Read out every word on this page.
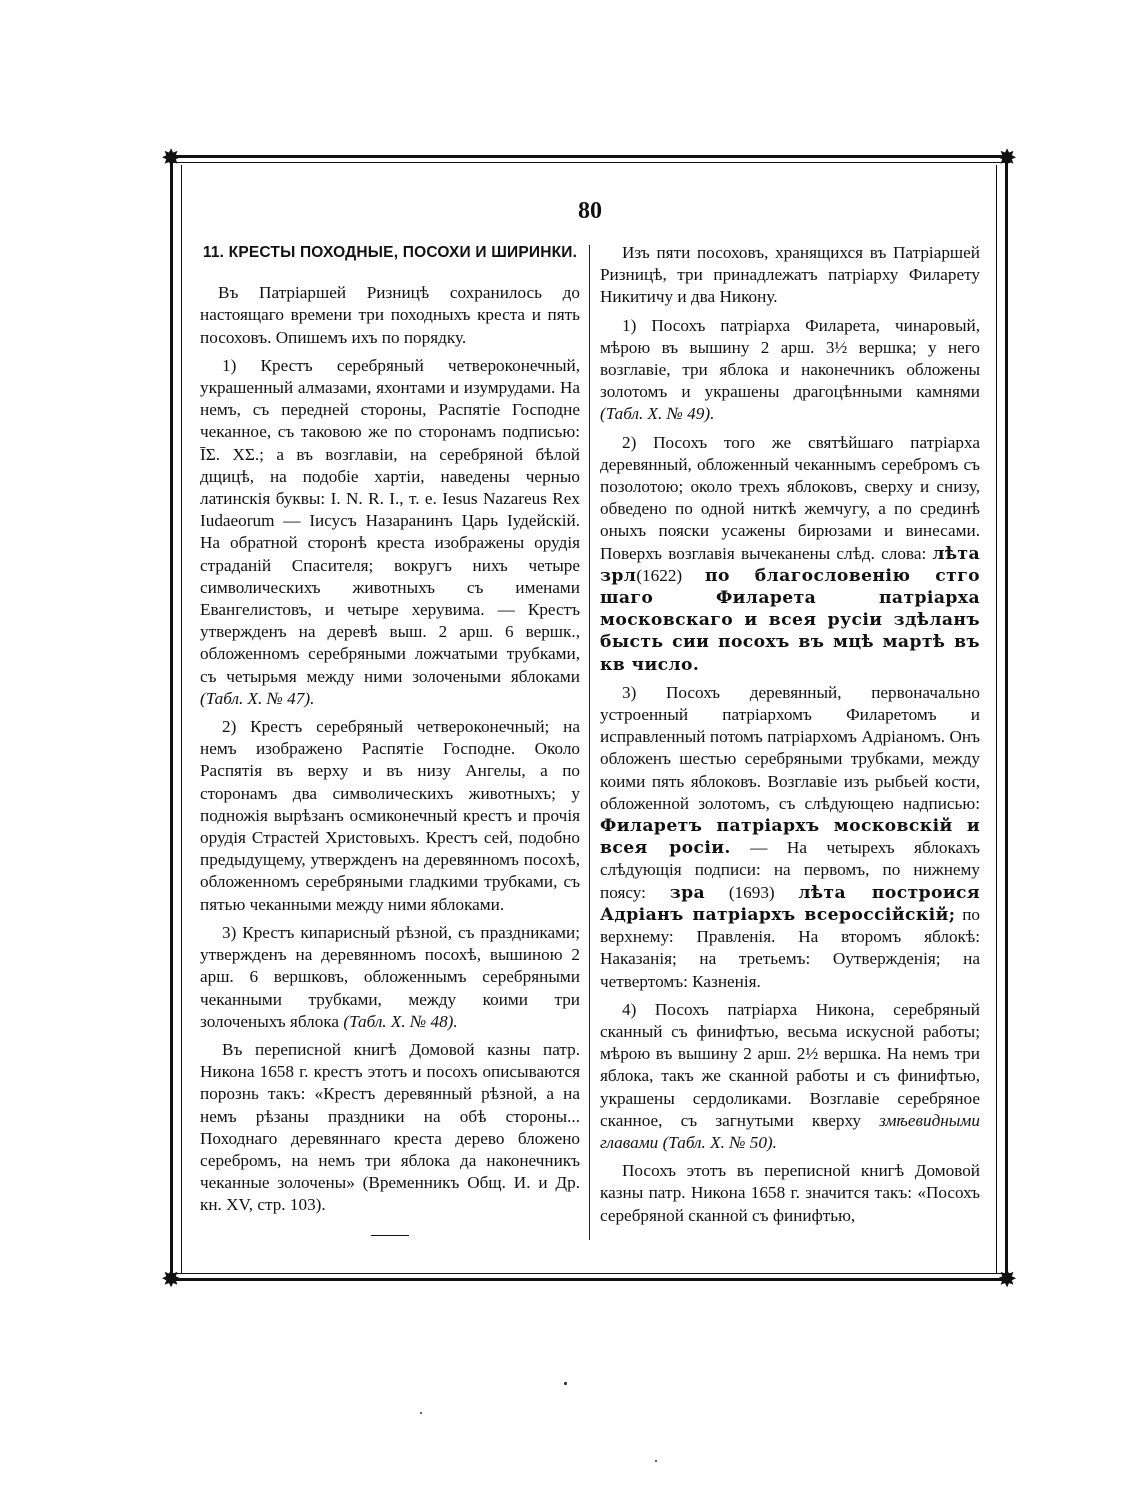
✸	✸
✸	✸
80
11. КРЕСТЫ ПОХОДНЫЕ, ПОСОХИ И ШИРИНКИ.

Въ Патріаршей Ризницѣ сохранилось до настоящаго времени три походныхъ креста и пять посоховъ. Опишемъ ихъ по порядку.

1) Крестъ серебряный четвероконечный, украшенный алмазами, яхонтами и изумрудами. На немъ, съ передней стороны, Распятіе Господне чеканное, съ таковою же по сторонамъ подписью: ĪΣ. ΧΣ.; а въ возглавіи, на серебряной бѣлой дщицѣ, на подобіе хартіи, наведены черныо латинскія буквы: I. N. R. I., т. е. Iesus Nazareus Rex Iudaeorum — Іисусъ Назаранинъ Царь Іудейскій. На обратной сторонѣ креста изображены орудія страданій Спасителя; вокругъ нихъ четыре символическихъ животныхъ съ именами Евангелистовъ, и четыре херувима. — Крестъ утвержденъ на деревѣ выш. 2 арш. 6 вершк., обложенномъ серебряными ложчатыми трубками, съ четырьмя между ними золочеными яблоками (Табл. X. № 47).

2) Крестъ серебряный четвероконечный; на немъ изображено Распятіе Господне. Около Распятія въ верху и въ низу Ангелы, а по сторонамъ два символическихъ животныхъ; у подножія вырѣзанъ осмиконечный крестъ и прочія орудія Страстей Христовыхъ. Крестъ сей, подобно предыдущему, утвержденъ на деревянномъ посохѣ, обложенномъ серебряными гладкими трубками, съ пятью чеканными между ними яблоками.

3) Крестъ кипарисный рѣзной, съ праздниками; утвержденъ на деревянномъ посохѣ, вышиною 2 арш. 6 вершковъ, обложеннымъ серебряными чеканными трубками, между коими три золоченыхъ яблока (Табл. X. № 48).

Въ переписной книгѣ Домовой казны патр. Никона 1658 г. крестъ этотъ и посохъ описываются порознь такъ: «Крестъ деревянный рѣзной, а на немъ рѣзаны праздники на обѣ стороны... Походнаго деревяннаго креста дерево бложено серебромъ, на немъ три яблока да наконечникъ чеканные золочены» (Временникъ Общ. И. и Др. кн. XV, стр. 103).

Изъ пяти посоховъ, хранящихся въ Патріаршей Ризницѣ, три принадлежатъ патріарху Филарету Никитичу и два Никону.

1) Посохъ патріарха Филарета, чинаровый, мѣрою въ вышину 2 арш. 3½ вершка; у него возглавіе, три яблока и наконечникъ обложены золотомъ и украшены драгоцѣнными камнями (Табл. X. № 49).

2) Посохъ того же святѣйшаго патріарха деревянный, обложенный чеканнымъ серебромъ съ позолотою; около трехъ яблоковъ, сверху и снизу, обведено по одной ниткѣ жемчугу, а по срединѣ оныхъ пояски усажены бирюзами и винесами. Поверхъ возглавія вычеканены слѣд. слова: лѣта зрл(1622) по благословенію стго шаго Филарета патріарха московскаго и всея русіи здѣланъ бысть сии посохъ въ мцѣ мартѣ въ кв число.

3) Посохъ деревянный, первоначально устроенный патріархомъ Филаретомъ и исправленный потомъ патріархомъ Адріаномъ. Онъ обложенъ шестью серебряными трубками, между коими пять яблоковъ. Возглавіе изъ рыбьей кости, обложенной золотомъ, съ слѣдующею надписью: Филаретъ патріархъ московскій и всея росіи. — На четырехъ яблокахъ слѣдующія подписи: на первомъ, по нижнему поясу: зра (1693) лѣта построися Адріанъ патріархъ всероссійскій; по верхнему: Правленія. На второмъ яблокѣ: Наказанія; на третьемъ: Оутвержденія; на четвертомъ: Казненія.

4) Посохъ патріарха Никона, серебряный сканный съ финифтью, весьма искусной работы; мѣрою въ вышину 2 арш. 2½ вершка. На немъ три яблока, такъ же сканной работы и съ финифтью, украшены сердоликами. Возглавіе серебряное сканное, съ загнутыми кверху змѣевидными главами (Табл. X. № 50).

Посохъ этотъ въ переписной книгѣ Домовой казны патр. Никона 1658 г. значится такъ: «Посохъ серебряной сканной съ финифтью,
